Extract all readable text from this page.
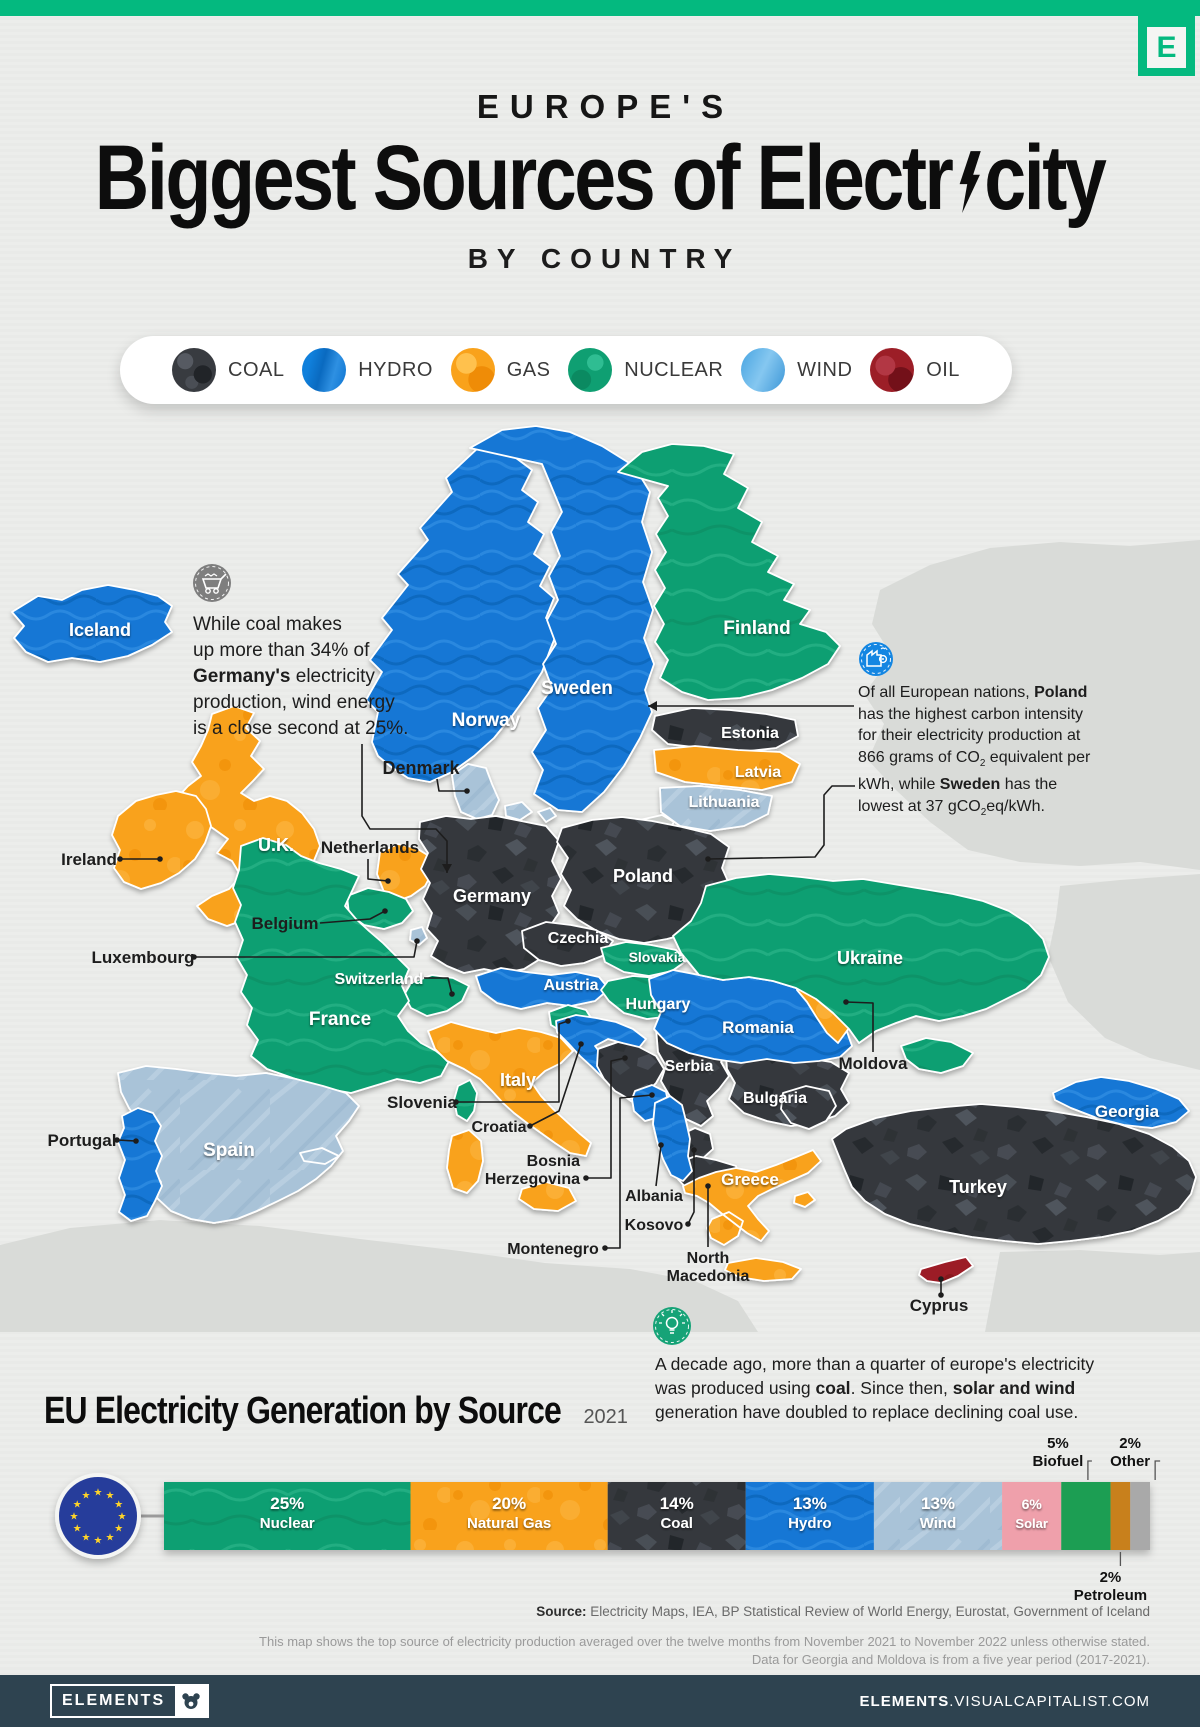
E
EUROPE'S
Biggest Sources of Electr city
BY COUNTRY
COAL	HYDRO	GAS	NUCLEAR	WIND	OIL
Iceland
Norway
Sweden
Finland
Estonia
Latvia
Lithuania
Denmark
U.K.
Ireland
Netherlands
Belgium
Luxembourg
Germany
Poland
Czechia
Slovakia
Austria
Hungary
Switzerland
France
Spain
Portugal
Italy
Slovenia
Croatia
Bosnia Herzegovina
Serbia
Montenegro
Kosovo
North Macedonia
Albania
Greece
Bulgaria
Romania
Moldova
Ukraine
Turkey
Georgia
Cyprus
While coal makes
up more than 34% of
Germany's electricity
production, wind energy
is a close second at 25%.
Of all European nations, Poland
has the highest carbon intensity
for their electricity production at
866 grams of $CO_2$ equivalent per
kWh, while Sweden has the
lowest at 37 gCO$_2$eq/kWh.
A decade ago, more than a quarter of europe's electricity
was produced using coal. Since then, solar and wind
generation have doubled to replace declining coal use.
EU Electricity Generation by Source 2021
25%
Nuclear
20%
Natural Gas
14%
Coal
13%
Hydro
13%
Wind
6%
Solar
5%
Biofuel
2%
Petroleum
2%
Other
★ ★
★
★
★
★
★
★
★
★
★
★
Source: Electricity Maps, IEA, BP Statistical Review of World Energy, Eurostat, Government of Iceland
This map shows the top source of electricity production averaged over the twelve months from November 2021 to November 2022 unless otherwise stated.
Data for Georgia and Moldova is from a five year period (2017-2021).
ELEMENTS	ELEMENTS.VISUALCAPITALIST.COM
